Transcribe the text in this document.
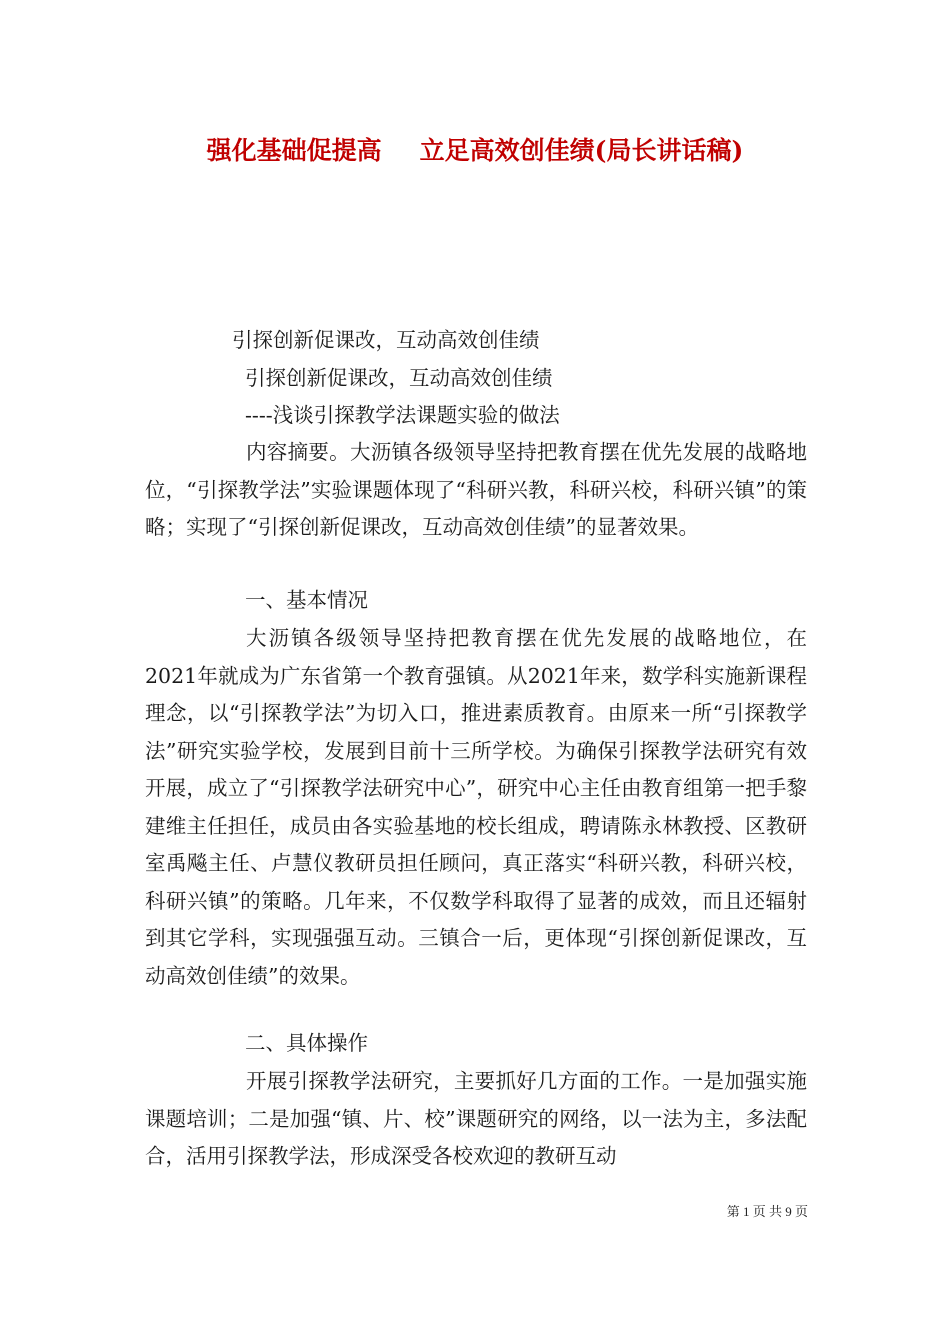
强化基础促提高 立足高效创佳绩(局长讲话稿)

引探创新促课改，互动高效创佳绩

引探创新促课改，互动高效创佳绩

----浅谈引探教学法课题实验的做法

内容摘要。大沥镇各级领导坚持把教育摆在优先发展的战略地位，“引探教学法”实验课题体现了“科研兴教，科研兴校，科研兴镇”的策略；实现了“引探创新促课改，互动高效创佳绩”的显著效果。

一、基本情况

大沥镇各级领导坚持把教育摆在优先发展的战略地位，在2021年就成为广东省第一个教育强镇。从2021年来，数学科实施新课程理念，以“引探教学法”为切入口，推进素质教育。由原来一所“引探教学法”研究实验学校，发展到目前十三所学校。为确保引探教学法研究有效开展，成立了“引探教学法研究中心”，研究中心主任由教育组第一把手黎建维主任担任，成员由各实验基地的校长组成，聘请陈永林教授、区教研室禹飚主任、卢慧仪教研员担任顾问，真正落实“科研兴教，科研兴校，科研兴镇”的策略。几年来，不仅数学科取得了显著的成效，而且还辐射到其它学科，实现强强互动。三镇合一后，更体现“引探创新促课改，互动高效创佳绩”的效果。

二、具体操作

开展引探教学法研究，主要抓好几方面的工作。一是加强实施课题培训；二是加强“镇、片、校”课题研究的网络，以一法为主，多法配合，活用引探教学法，形成深受各校欢迎的教研互动
第 1 页 共 9 页
